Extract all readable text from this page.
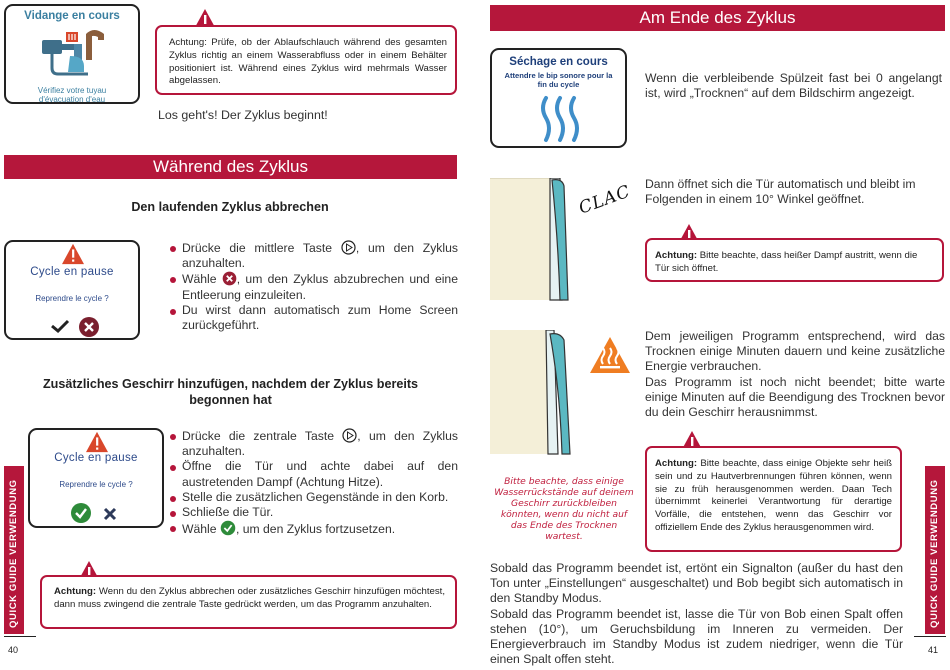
Vidange en cours
Vérifiez votre tuyau d'évacuation d'eau
Achtung: Prüfe, ob der Ablaufschlauch während des gesamten Zyklus richtig an einem Wasserabfluss oder in einem Behälter positioniert ist. Während eines Zyklus wird mehrmals Wasser abgelassen.
Los geht's! Der Zyklus beginnt!
Während des Zyklus
Den laufenden Zyklus abbrechen
Cycle en pause
Reprendre le cycle ?
Drücke die mittlere Taste , um den Zyklus anzuhalten.
Wähle , um den Zyklus abzubrechen und eine Entleerung einzuleiten.
Du wirst dann automatisch zum Home Screen zurückgeführt.
Zusätzliches Geschirr hinzufügen, nachdem der Zyklus bereits
begonnen hat
Cycle en pause
Reprendre le cycle ?
Drücke die zentrale Taste , um den Zyklus anzuhalten.
Öffne die Tür und achte dabei auf den austretenden Dampf (Achtung Hitze).
Stelle die zusätzlichen Gegenstände in den Korb.
Schließe die Tür.
Wähle , um den Zyklus fortzusetzen.
Achtung: Wenn du den Zyklus abbrechen oder zusätzliches Geschirr hinzufügen möchtest, dann muss zwingend die zentrale Taste gedrückt werden, um das Programm anzuhalten.
QUICK GUIDE VERWENDUNG
40
Am Ende des Zyklus
Séchage en cours
Attendre le bip sonore pour la fin du cycle	Wenn die verbleibende Spülzeit fast bei 0 angelangt ist, wird „Trocknen“ auf dem Bildschirm angezeigt.
CLAC Dann öffnet sich die Tür automatisch und bleibt im Folgenden in einem 10° Winkel geöffnet.
Achtung: Bitte beachte, dass heißer Dampf austritt, wenn die Tür sich öffnet.
Dem jeweiligen Programm entsprechend, wird das Trocknen einige Minuten dauern und keine zusätzliche Energie verbrauchen.
Das Programm ist noch nicht beendet; bitte warte einige Minuten auf die Beendigung des Trocknen bevor du dein Geschirr herausnimmst.
Bitte beachte, dass einige Wasserrückstände auf deinem Geschirr zurückbleiben könnten, wenn du nicht auf das Ende des Trocknen wartest.
Achtung: Bitte beachte, dass einige Objekte sehr heiß sein und zu Hautverbrennungen führen können, wenn sie zu früh herausgenommen werden. Daan Tech übernimmt keinerlei Verantwortung für derartige Vorfälle, die entstehen, wenn das Geschirr vor offiziellem Ende des Zyklus herausgenommen wird.
Sobald das Programm beendet ist, ertönt ein Signalton (außer du hast den Ton unter „Einstellungen“ ausgeschaltet) und Bob begibt sich automatisch in den Standby Modus.
Sobald das Programm beendet ist, lasse die Tür von Bob einen Spalt offen stehen (10°), um Geruchsbildung im Inneren zu vermeiden. Der Energieverbrauch im Standby Modus ist zudem niedriger, wenn die Tür einen Spalt offen steht.
QUICK GUIDE VERWENDUNG
41
